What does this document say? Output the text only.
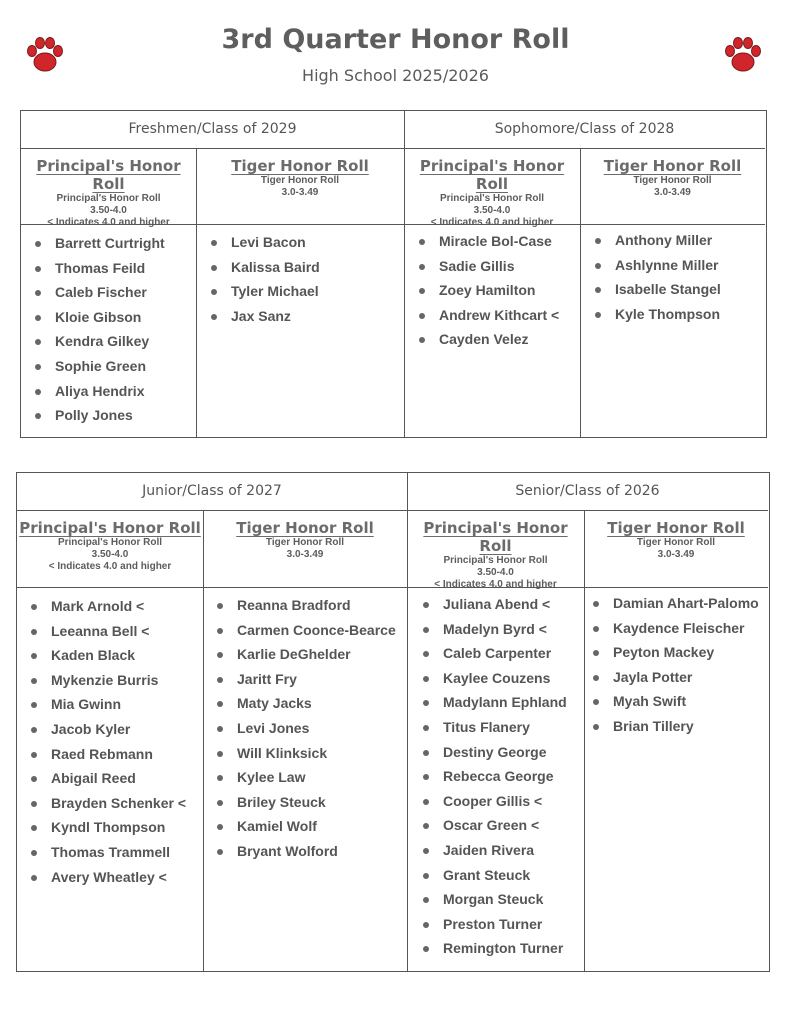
3rd Quarter Honor Roll
High School 2025/2026
Freshmen/Class of 2029	Sophomore/Class of 2028
Principal's Honor Roll
Principal's Honor Roll
3.50-4.0
< Indicates 4.0 and higher
Tiger Honor Roll
Tiger Honor Roll
3.0-3.49
Principal's Honor Roll
Principal's Honor Roll
3.50-4.0
< Indicates 4.0 and higher
Tiger Honor Roll
Tiger Honor Roll
3.0-3.49
Barrett Curtright
Thomas Feild
Caleb Fischer
Kloie Gibson
Kendra Gilkey
Sophie Green
Aliya Hendrix
Polly Jones
Levi Bacon
Kalissa Baird
Tyler Michael
Jax Sanz
Miracle Bol-Case
Sadie Gillis
Zoey Hamilton
Andrew Kithcart <
Cayden Velez
Anthony Miller
Ashlynne Miller
Isabelle Stangel
Kyle Thompson
Junior/Class of 2027	Senior/Class of 2026
Principal's Honor Roll
Principal's Honor Roll
3.50-4.0
< Indicates 4.0 and higher
Tiger Honor Roll
Tiger Honor Roll
3.0-3.49
Principal's Honor Roll
Principal's Honor Roll
3.50-4.0
< Indicates 4.0 and higher
Tiger Honor Roll
Tiger Honor Roll
3.0-3.49
Mark Arnold <
Leeanna Bell <
Kaden Black
Mykenzie Burris
Mia Gwinn
Jacob Kyler
Raed Rebmann
Abigail Reed
Brayden Schenker <
Kyndl Thompson
Thomas Trammell
Avery Wheatley <
Reanna Bradford
Carmen Coonce-Bearce
Karlie DeGhelder
Jaritt Fry
Maty Jacks
Levi Jones
Will Klinksick
Kylee Law
Briley Steuck
Kamiel Wolf
Bryant Wolford
Juliana Abend <
Madelyn Byrd <
Caleb Carpenter
Kaylee Couzens
Madylann Ephland
Titus Flanery
Destiny George
Rebecca George
Cooper Gillis <
Oscar Green <
Jaiden Rivera
Grant Steuck
Morgan Steuck
Preston Turner
Remington Turner
Damian Ahart-Palomo
Kaydence Fleischer
Peyton Mackey
Jayla Potter
Myah Swift
Brian Tillery
